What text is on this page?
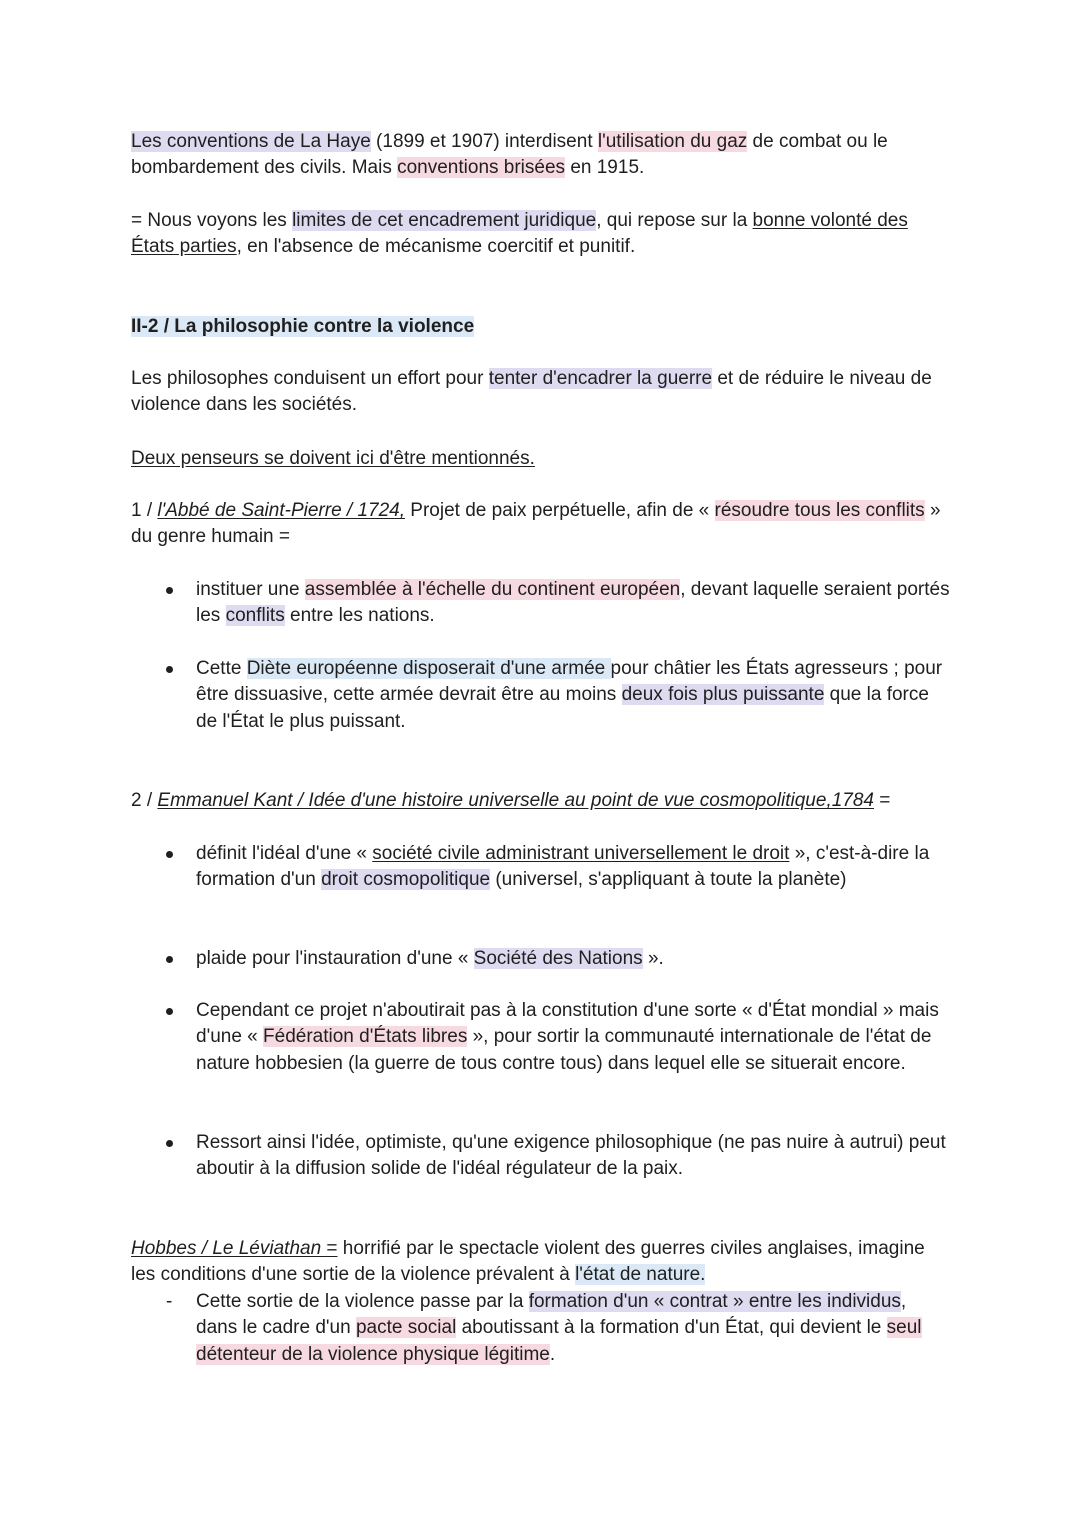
Les conventions de La Haye (1899 et 1907) interdisent l'utilisation du gaz de combat ou le bombardement des civils. Mais conventions brisées en 1915.

= Nous voyons les limites de cet encadrement juridique, qui repose sur la bonne volonté des États parties, en l'absence de mécanisme coercitif et punitif.

II-2 / La philosophie contre la violence

Les philosophes conduisent un effort pour tenter d'encadrer la guerre et de réduire le niveau de violence dans les sociétés.

Deux penseurs se doivent ici d'être mentionnés.

1 / l'Abbé de Saint-Pierre / 1724, Projet de paix perpétuelle, afin de « résoudre tous les conflits » du genre humain =

instituer une assemblée à l'échelle du continent européen, devant laquelle seraient portés les conflits entre les nations.
Cette Diète européenne disposerait d'une armée pour châtier les États agresseurs ; pour être dissuasive, cette armée devrait être au moins deux fois plus puissante que la force de l'État le plus puissant.

2 / Emmanuel Kant / Idée d'une histoire universelle au point de vue cosmopolitique,1784 =

définit l'idéal d'une « société civile administrant universellement le droit », c'est-à-dire la formation d'un droit cosmopolitique (universel, s'appliquant à toute la planète)
plaide pour l'instauration d'une « Société des Nations ».
Cependant ce projet n'aboutirait pas à la constitution d'une sorte « d'État mondial » mais d'une « Fédération d'États libres », pour sortir la communauté internationale de l'état de nature hobbesien (la guerre de tous contre tous) dans lequel elle se situerait encore.
Ressort ainsi l'idée, optimiste, qu'une exigence philosophique (ne pas nuire à autrui) peut aboutir à la diffusion solide de l'idéal régulateur de la paix.

Hobbes / Le Léviathan = horrifié par le spectacle violent des guerres civiles anglaises, imagine les conditions d'une sortie de la violence prévalent à l'état de nature.

- Cette sortie de la violence passe par la formation d'un « contrat » entre les individus, dans le cadre d'un pacte social aboutissant à la formation d'un État, qui devient le seul détenteur de la violence physique légitime.
